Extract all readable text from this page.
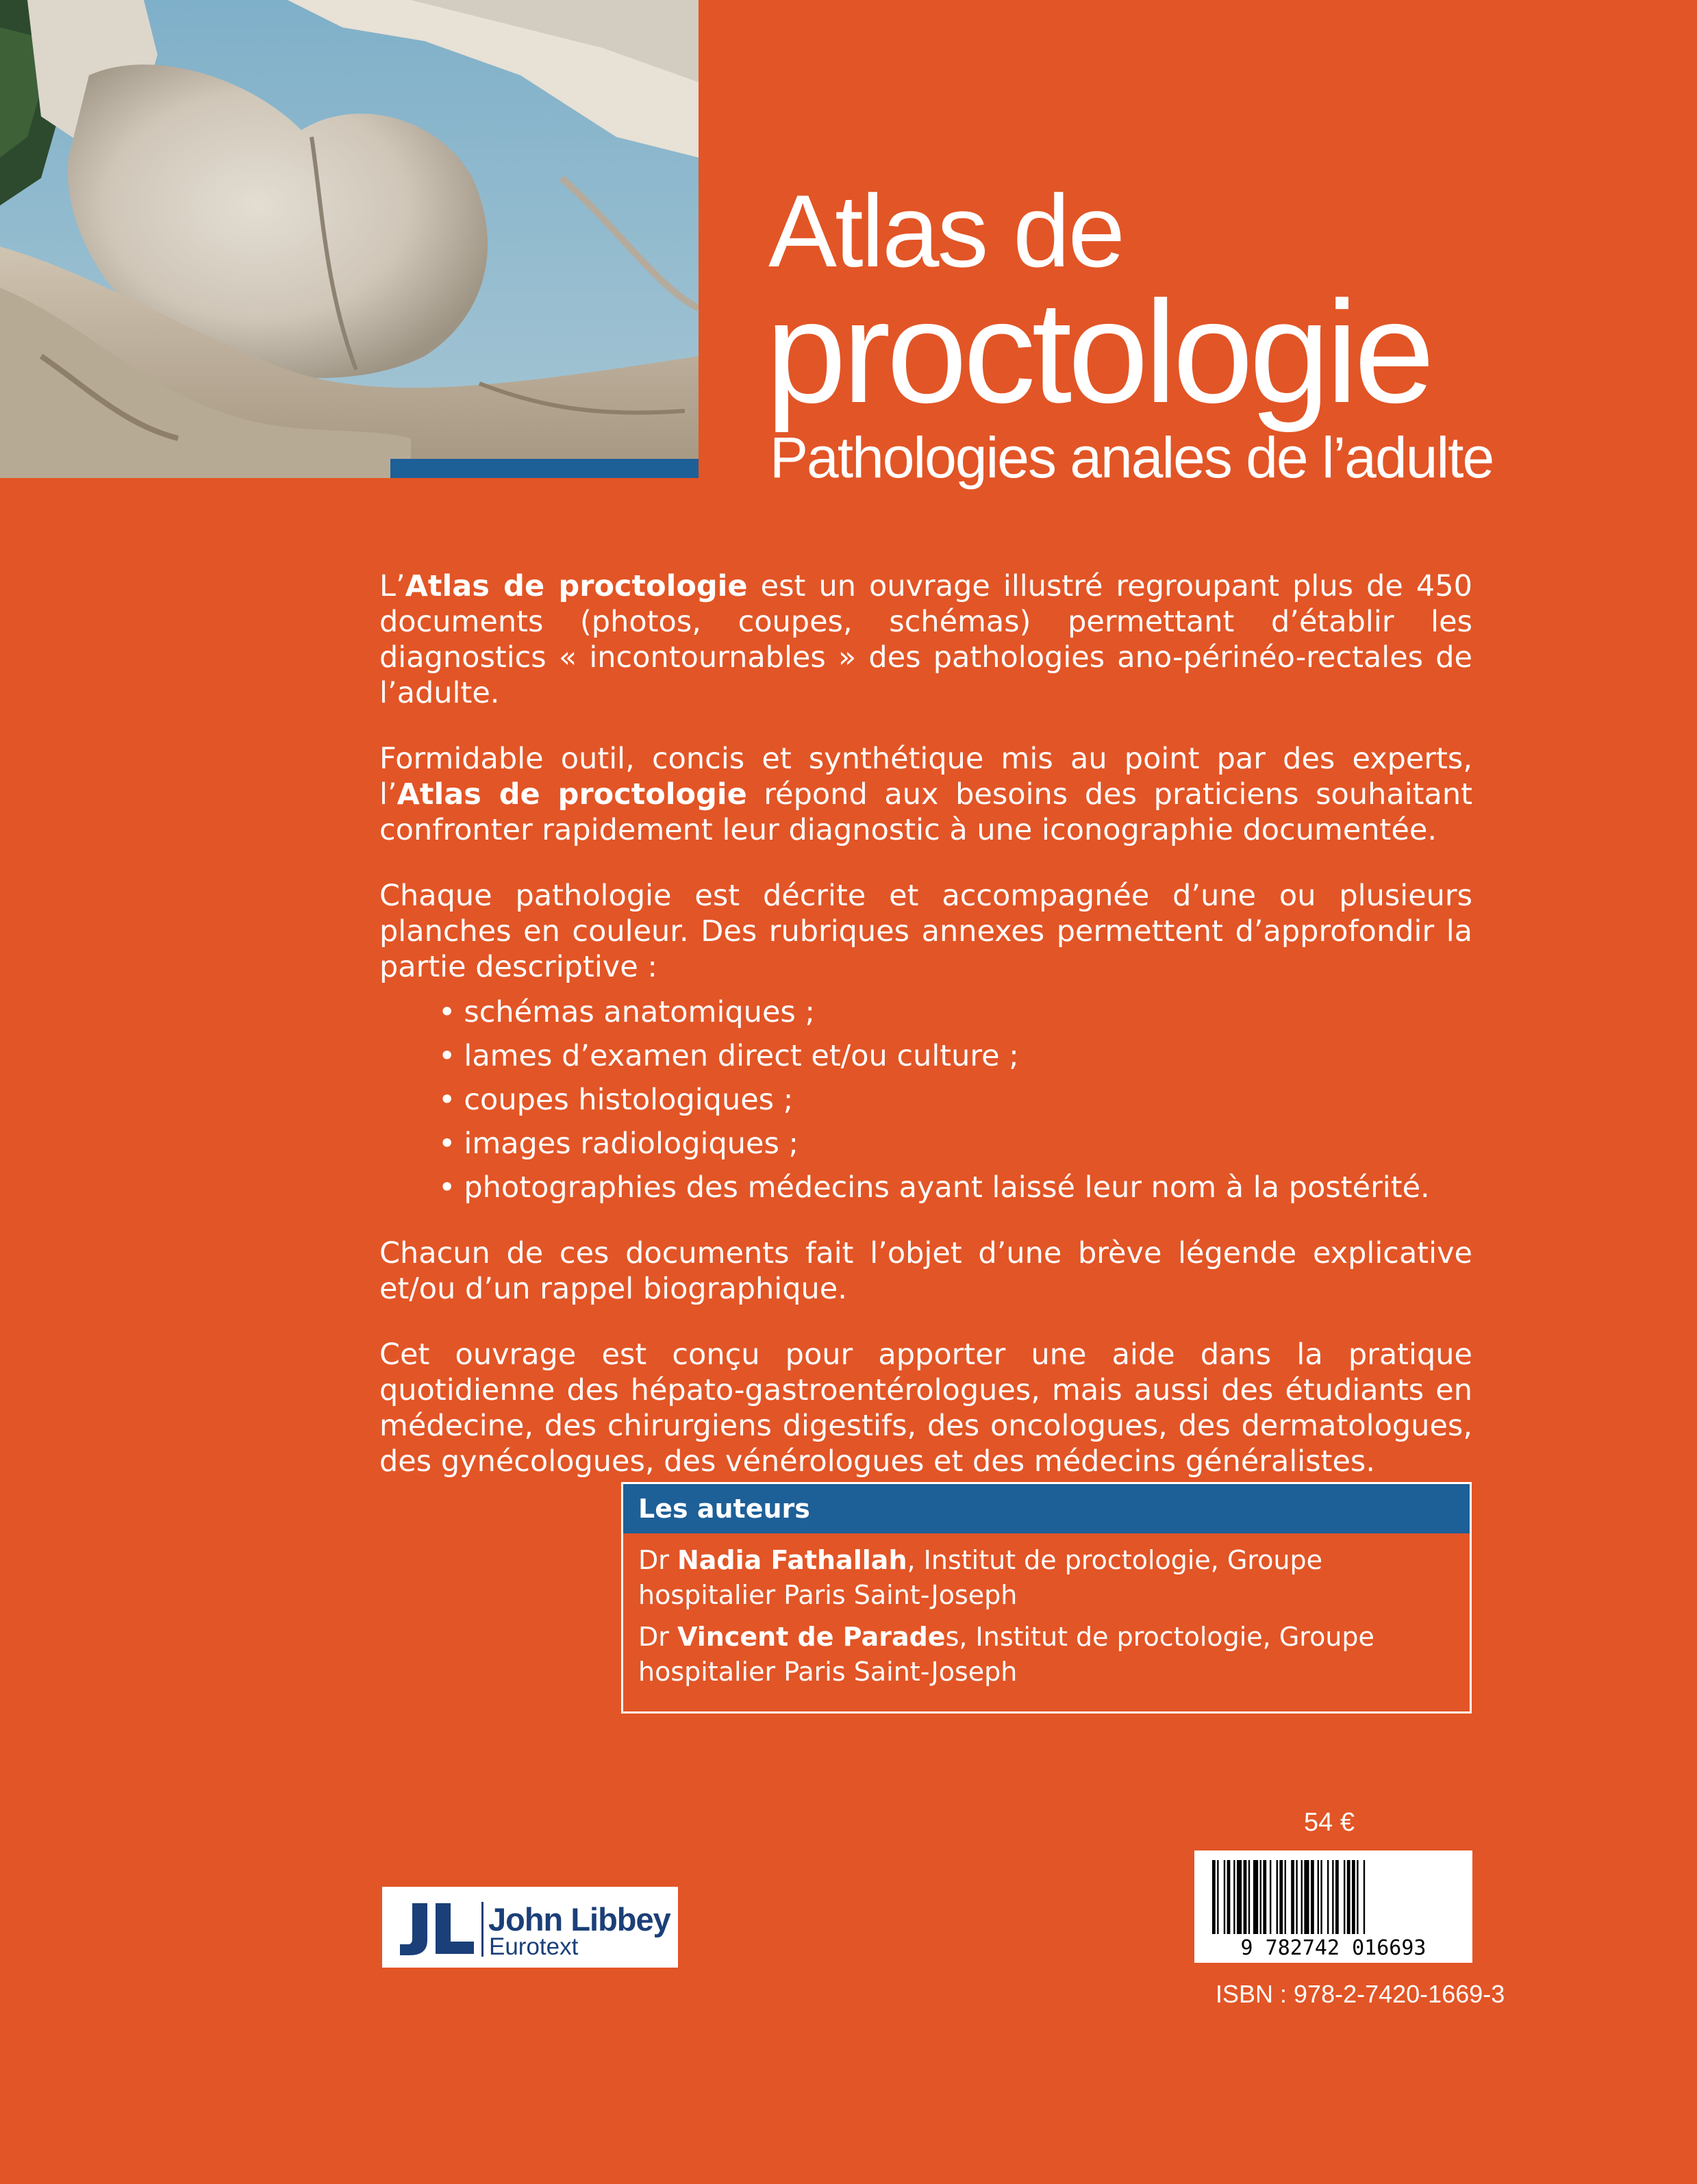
Atlas de
proctologie
Pathologies anales de l’adulte

L’Atlas de proctologie est un ouvrage illustré regroupant plus de 450 documents (photos, coupes, schémas) permettant d’établir les diagnostics « incontournables » des pathologies ano-périnéo-rectales de l’adulte.

Formidable outil, concis et synthétique mis au point par des experts, l’Atlas de proctologie répond aux besoins des praticiens souhaitant confronter rapidement leur diagnostic à une iconographie documentée.

Chaque pathologie est décrite et accompagnée d’une ou plusieurs planches en couleur. Des rubriques annexes permettent d’approfondir la partie descriptive :

• schémas anatomiques ;
• lames d’examen direct et/ou culture ;
• coupes histologiques ;
• images radiologiques ;
• photographies des médecins ayant laissé leur nom à la postérité.

Chacun de ces documents fait l’objet d’une brève légende explicative et/ou d’un rappel biographique.

Cet ouvrage est conçu pour apporter une aide dans la pratique quotidienne des hépato-gastroentérologues, mais aussi des étudiants en médecine, des chirurgiens digestifs, des oncologues, des dermatologues, des gynécologues, des vénérologues et des médecins généralistes.

Les auteurs
Dr Nadia Fathallah, Institut de proctologie, Groupe hospitalier Paris Saint-Joseph
Dr Vincent de Parades, Institut de proctologie, Groupe hospitalier Paris Saint-Joseph
54 €
9 782742 016693
ISBN : 978-2-7420-1669-3
John Libbey
Eurotext
